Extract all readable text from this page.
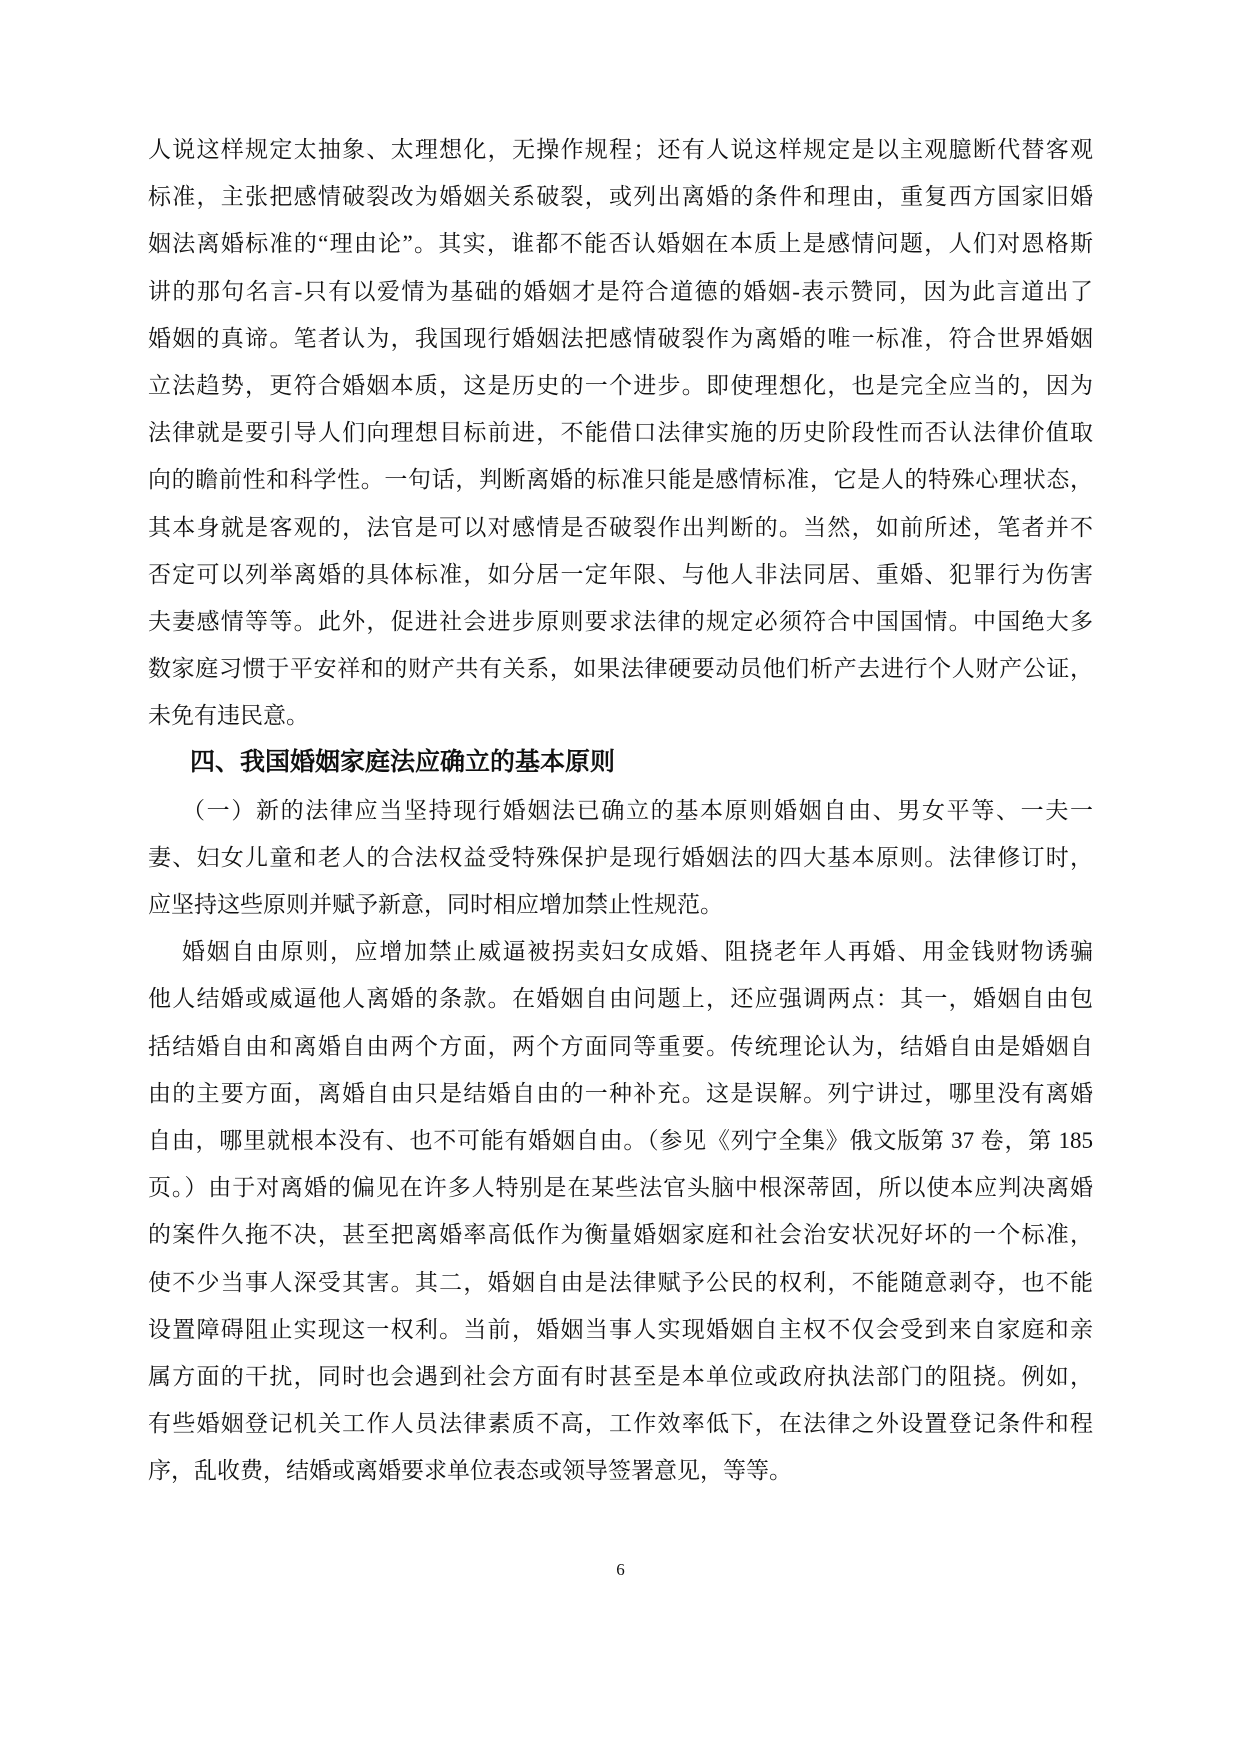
人说这样规定太抽象、太理想化，无操作规程；还有人说这样规定是以主观臆断代替客观
标准，主张把感情破裂改为婚姻关系破裂，或列出离婚的条件和理由，重复西方国家旧婚
姻法离婚标准的“理由论”。其实，谁都不能否认婚姻在本质上是感情问题，人们对恩格斯
讲的那句名言-只有以爱情为基础的婚姻才是符合道德的婚姻-表示赞同，因为此言道出了
婚姻的真谛。笔者认为，我国现行婚姻法把感情破裂作为离婚的唯一标准，符合世界婚姻
立法趋势，更符合婚姻本质，这是历史的一个进步。即使理想化，也是完全应当的，因为
法律就是要引导人们向理想目标前进，不能借口法律实施的历史阶段性而否认法律价值取
向的瞻前性和科学性。一句话，判断离婚的标准只能是感情标准，它是人的特殊心理状态，
其本身就是客观的，法官是可以对感情是否破裂作出判断的。当然，如前所述，笔者并不
否定可以列举离婚的具体标准，如分居一定年限、与他人非法同居、重婚、犯罪行为伤害
夫妻感情等等。此外，促进社会进步原则要求法律的规定必须符合中国国情。中国绝大多
数家庭习惯于平安祥和的财产共有关系，如果法律硬要动员他们析产去进行个人财产公证，
未免有违民意。
四、我国婚姻家庭法应确立的基本原则
（一）新的法律应当坚持现行婚姻法已确立的基本原则婚姻自由、男女平等、一夫一
妻、妇女儿童和老人的合法权益受特殊保护是现行婚姻法的四大基本原则。法律修订时，
应坚持这些原则并赋予新意，同时相应增加禁止性规范。
婚姻自由原则，应增加禁止威逼被拐卖妇女成婚、阻挠老年人再婚、用金钱财物诱骗
他人结婚或威逼他人离婚的条款。在婚姻自由问题上，还应强调两点：其一，婚姻自由包
括结婚自由和离婚自由两个方面，两个方面同等重要。传统理论认为，结婚自由是婚姻自
由的主要方面，离婚自由只是结婚自由的一种补充。这是误解。列宁讲过，哪里没有离婚
自由，哪里就根本没有、也不可能有婚姻自由。（参见《列宁全集》俄文版第 37 卷，第 185
页。）由于对离婚的偏见在许多人特别是在某些法官头脑中根深蒂固，所以使本应判决离婚
的案件久拖不决，甚至把离婚率高低作为衡量婚姻家庭和社会治安状况好坏的一个标准，
使不少当事人深受其害。其二，婚姻自由是法律赋予公民的权利，不能随意剥夺，也不能
设置障碍阻止实现这一权利。当前，婚姻当事人实现婚姻自主权不仅会受到来自家庭和亲
属方面的干扰，同时也会遇到社会方面有时甚至是本单位或政府执法部门的阻挠。例如，
有些婚姻登记机关工作人员法律素质不高，工作效率低下，在法律之外设置登记条件和程
序，乱收费，结婚或离婚要求单位表态或领导签署意见，等等。
6
